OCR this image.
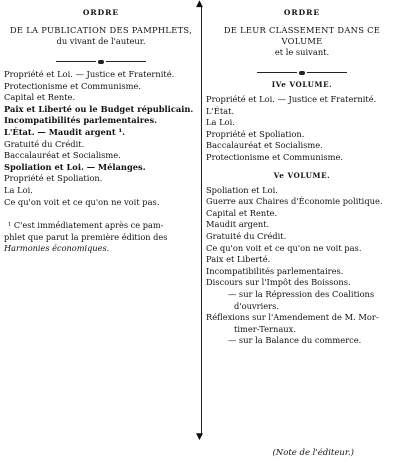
▲
▼
ORDRE
DE LA PUBLICATION DES PAMPHLETS,
du vivant de l'auteur.
Propriété et Loi. — Justice et Fraternité.
Protectionisme et Communisme.
Capital et Rente.
Paix et Liberté ou le Budget républicain.
Incompatibilités parlementaires.
L'État. — Maudit argent ¹.
Gratuité du Crédit.
Baccalauréat et Socialisme.
Spoliation et Loi. — Mélanges.
Propriété et Spoliation.
La Loi.
Ce qu'on voit et ce qu'on ne voit pas.
¹ C'est immédiatement après ce pam-
phlet que parut la première édition des
Harmonies économiques.
ORDRE
DE LEUR CLASSEMENT DANS CE VOLUME
et le suivant.
IVe VOLUME.
Propriété et Loi. — Justice et Fraternité.
L'État.
La Loi.
Propriété et Spoliation.
Baccalauréat et Socialisme.
Protectionisme et Communisme.
Ve VOLUME.
Spoliation et Loi.
Guerre aux Chaires d'Économie politique.
Capital et Rente.
Maudit argent.
Gratuité du Crédit.
Ce qu'on voit et ce qu'on ne voit pas.
Paix et Liberté.
Incompatibilités parlementaires.
Discours sur l'Impôt des Boissons.
— sur la Répression des Coalitions
d'ouvriers.
Réflexions sur l'Amendement de M. Mor-
timer-Ternaux.
— sur la Balance du commerce.
(Note de l'éditeur.)
